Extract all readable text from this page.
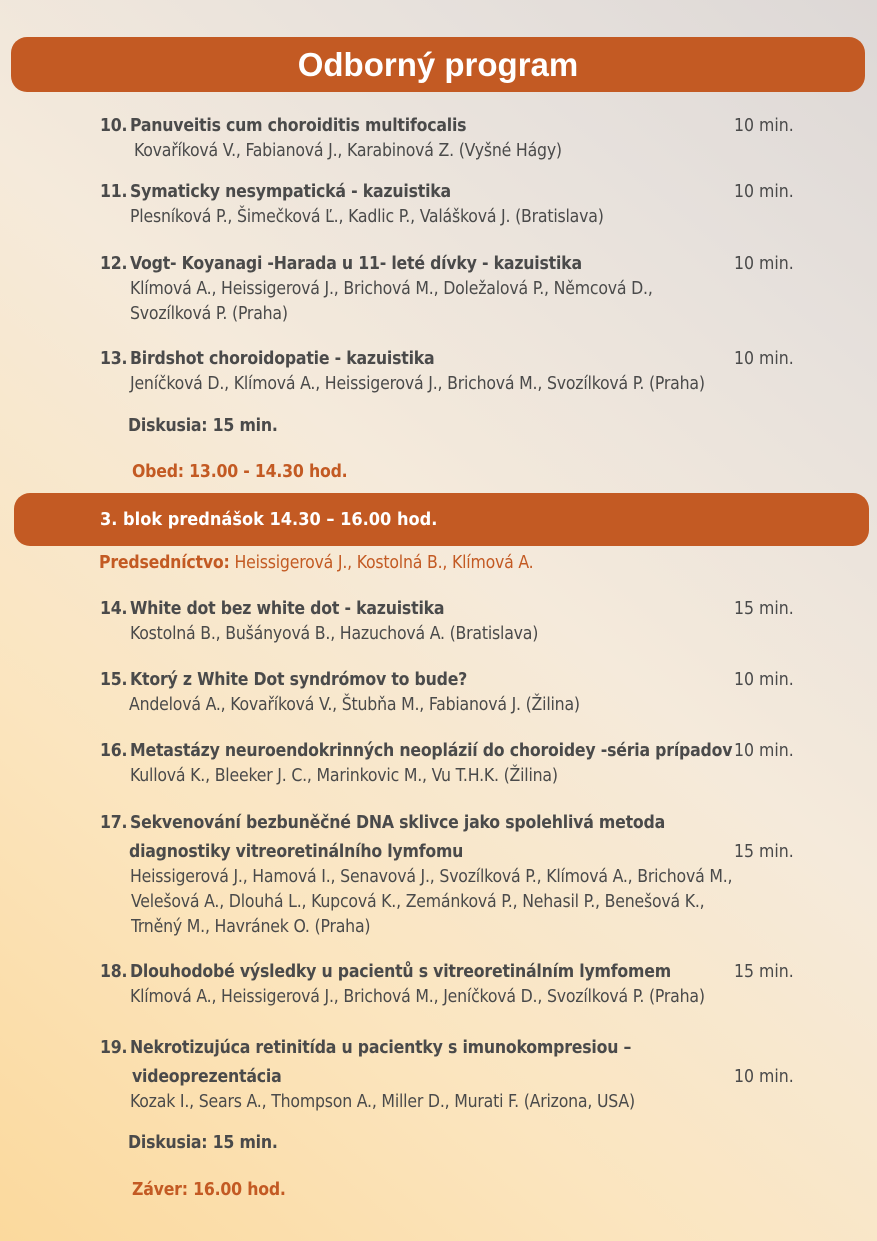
Odborný program
10. Panuveitis cum choroiditis multifocalis	10 min.
Kovaříková V., Fabianová J., Karabinová Z. (Vyšné Hágy)
11. Symaticky nesympatická - kazuistika	10 min.
Plesníková P., Šimečková Ľ., Kadlic P., Valášková J. (Bratislava)
12. Vogt- Koyanagi -Harada u 11- leté dívky - kazuistika	10 min.
Klímová A., Heissigerová J., Brichová M., Doležalová P., Němcová D.,
Svozílková P. (Praha)
13. Birdshot choroidopatie - kazuistika	10 min.
Jeníčková D., Klímová A., Heissigerová J., Brichová M., Svozílková P. (Praha)
Diskusia: 15 min.
Obed: 13.00 - 14.30 hod.
3. blok prednášok 14.30 – 16.00 hod.
Predsedníctvo: Heissigerová J., Kostolná B., Klímová A.
14. White dot bez white dot - kazuistika	15 min.
Kostolná B., Bušányová B., Hazuchová A. (Bratislava)
15. Ktorý z White Dot syndrómov to bude?	10 min.
Andelová A., Kovaříková V., Štubňa M., Fabianová J. (Žilina)
16. Metastázy neuroendokrinných neoplázií do choroidey -séria prípadov 10 min.
Kullová K., Bleeker J. C., Marinkovic M., Vu T.H.K. (Žilina)
17. Sekvenování bezbuněčné DNA sklivce jako spolehlivá metoda
diagnostiky vitreoretinálního lymfomu	15 min.
Heissigerová J., Hamová I., Senavová J., Svozílková P., Klímová A., Brichová M.,
Velešová A., Dlouhá L., Kupcová K., Zemánková P., Nehasil P., Benešová K.,
Trněný M., Havránek O. (Praha)
18. Dlouhodobé výsledky u pacientů s vitreoretinálním lymfomem	15 min.
Klímová A., Heissigerová J., Brichová M., Jeníčková D., Svozílková P. (Praha)
19. Nekrotizujúca retinitída u pacientky s imunokompresiou –
videoprezentácia	10 min.
Kozak I., Sears A., Thompson A., Miller D., Murati F. (Arizona, USA)
Diskusia: 15 min.
Záver: 16.00 hod.
